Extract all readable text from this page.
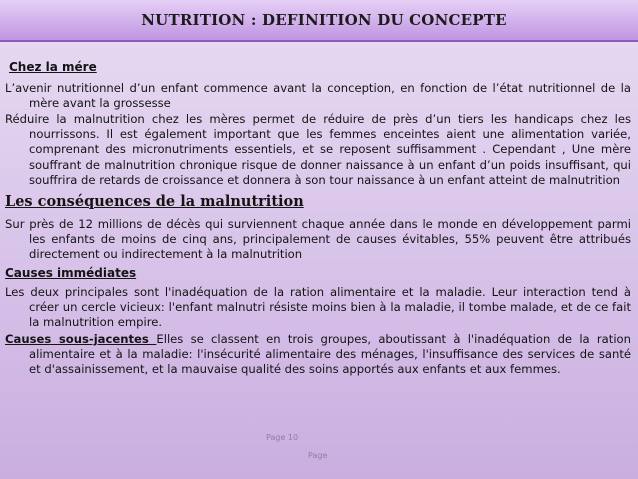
NUTRITION : DEFINITION DU CONCEPTE
Chez la mére

L’avenir nutritionnel d’un enfant commence avant la conception, en fonction de l’état nutritionnel de la mère avant la grossesse

Réduire la malnutrition chez les mères permet de réduire de près d’un tiers les handicaps chez les nourrissons. Il est également important que les femmes enceintes aient une alimentation variée, comprenant des micronutriments essentiels, et se reposent suffisamment . Cependant , Une mère souffrant de malnutrition chronique risque de donner naissance à un enfant d’un poids insuffisant, qui souffrira de retards de croissance et donnera à son tour naissance à un enfant atteint de malnutrition

Les conséquences de la malnutrition

Sur près de 12 millions de décès qui surviennent chaque année dans le monde en développement parmi les enfants de moins de cinq ans, principalement de causes évitables, 55% peuvent être attribués directement ou indirectement à la malnutrition

Causes immédiates

Les deux principales sont l'inadéquation de la ration alimentaire et la maladie. Leur interaction tend à créer un cercle vicieux: l'enfant malnutri résiste moins bien à la maladie, il tombe malade, et de ce fait la malnutrition empire.

Causes sous-jacentes Elles se classent en trois groupes, aboutissant à l'inadéquation de la ration alimentaire et à la maladie: l'insécurité alimentaire des ménages, l'insuffisance des services de santé et d'assainissement, et la mauvaise qualité des soins apportés aux enfants et aux femmes.

Page 10
Page
